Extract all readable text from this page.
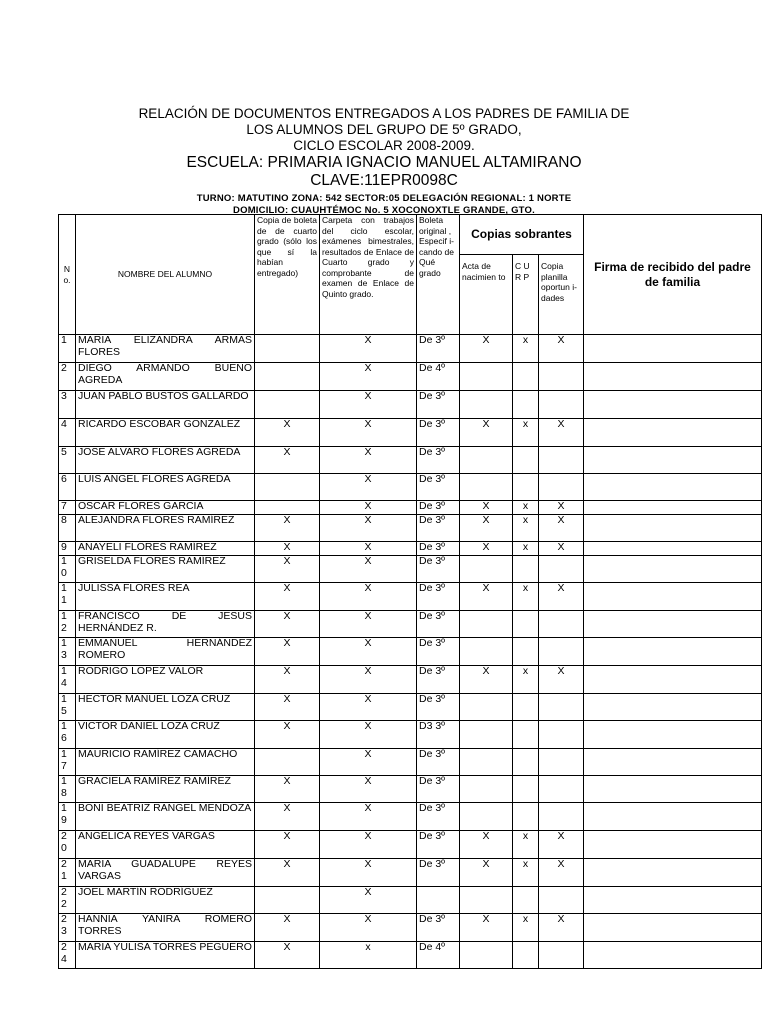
RELACIÓN DE DOCUMENTOS ENTREGADOS A LOS PADRES DE FAMILIA DE

LOS ALUMNOS DEL GRUPO DE 5º GRADO,

CICLO ESCOLAR 2008-2009.

ESCUELA: PRIMARIA IGNACIO MANUEL ALTAMIRANO

CLAVE:11EPR0098C

TURNO: MATUTINO ZONA: 542 SECTOR:05 DELEGACIÓN REGIONAL: 1 NORTE

DOMICILIO: CUAUHTÉMOC No. 5 XOCONOXTLE GRANDE, GTO.

N o.	NOMBRE DEL ALUMNO	Copia de boleta de de cuarto grado (sólo los que sí la habían entregado)	Carpeta con trabajos del ciclo escolar, exámenes bimestrales, resultados de Enlace de Cuarto grado y comprobante de examen de Enlace de Quinto grado.	Boleta original , Especif i-cando de Qué grado	Copias sobrantes			Firma de recibido del padre de familia
					Acta de nacimien to	C U R P	Copia planilla oportun i-dades	
1	MARIA ELIZANDRA ARMAS FLORES		X	De 3º	X	x	X	
2	DIEGO ARMANDO BUENO AGREDA		X	De 4º				
3	JUAN PABLO BUSTOS GALLARDO		X	De 3º				
4	RICARDO ESCOBAR GONZALEZ	X	X	De 3º	X	x	X	
5	JOSE ALVARO FLORES AGREDA	X	X	De 3º				
6	LUIS ANGEL FLORES AGREDA		X	De 3º				
7	OSCAR FLORES GARCIA		X	De 3º	X	x	X	
8	ALEJANDRA FLORES RAMÍREZ	X	X	De 3º	X	x	X	
9	ANAYELI FLORES RAMÍREZ	X	X	De 3º	X	x	X	
1 0	GRISELDA FLORES RAMÍREZ	X	X	De 3º				
1 1	JULISSA FLORES REA	X	X	De 3º	X	x	X	
1 2	FRANCISCO DE JESÚS HERNÁNDEZ R.	X	X	De 3º				
1 3	EMMANUEL HERNÁNDEZ ROMERO	X	X	De 3º				
1 4	RODRIGO LOPEZ VALOR	X	X	De 3º	X	x	X	
1 5	HECTOR MANUEL LOZA CRUZ	X	X	De 3º				
1 6	VICTOR DANIEL LOZA CRUZ	X	X	D3 3º				
1 7	MAURICIO RAMÍREZ CAMACHO		X	De 3º				
1 8	GRACIELA RAMÍREZ RAMÍREZ	X	X	De 3º				
1 9	BONI BEATRIZ RANGEL MENDOZA	X	X	De 3º				
2 0	ANGÉLICA REYES VARGAS	X	X	De 3º	X	x	X	
2 1	MARIA GUADALUPE REYES VARGAS	X	X	De 3º	X	x	X	
2 2	JOEL MARTÍN RODRÍGUEZ		X					
2 3	HANNIA YANIRA ROMERO TORRES	X	X	De 3º	X	x	X	
2 4	MARIA YULISA TORRES PEGUERO	X	x	De 4º				
